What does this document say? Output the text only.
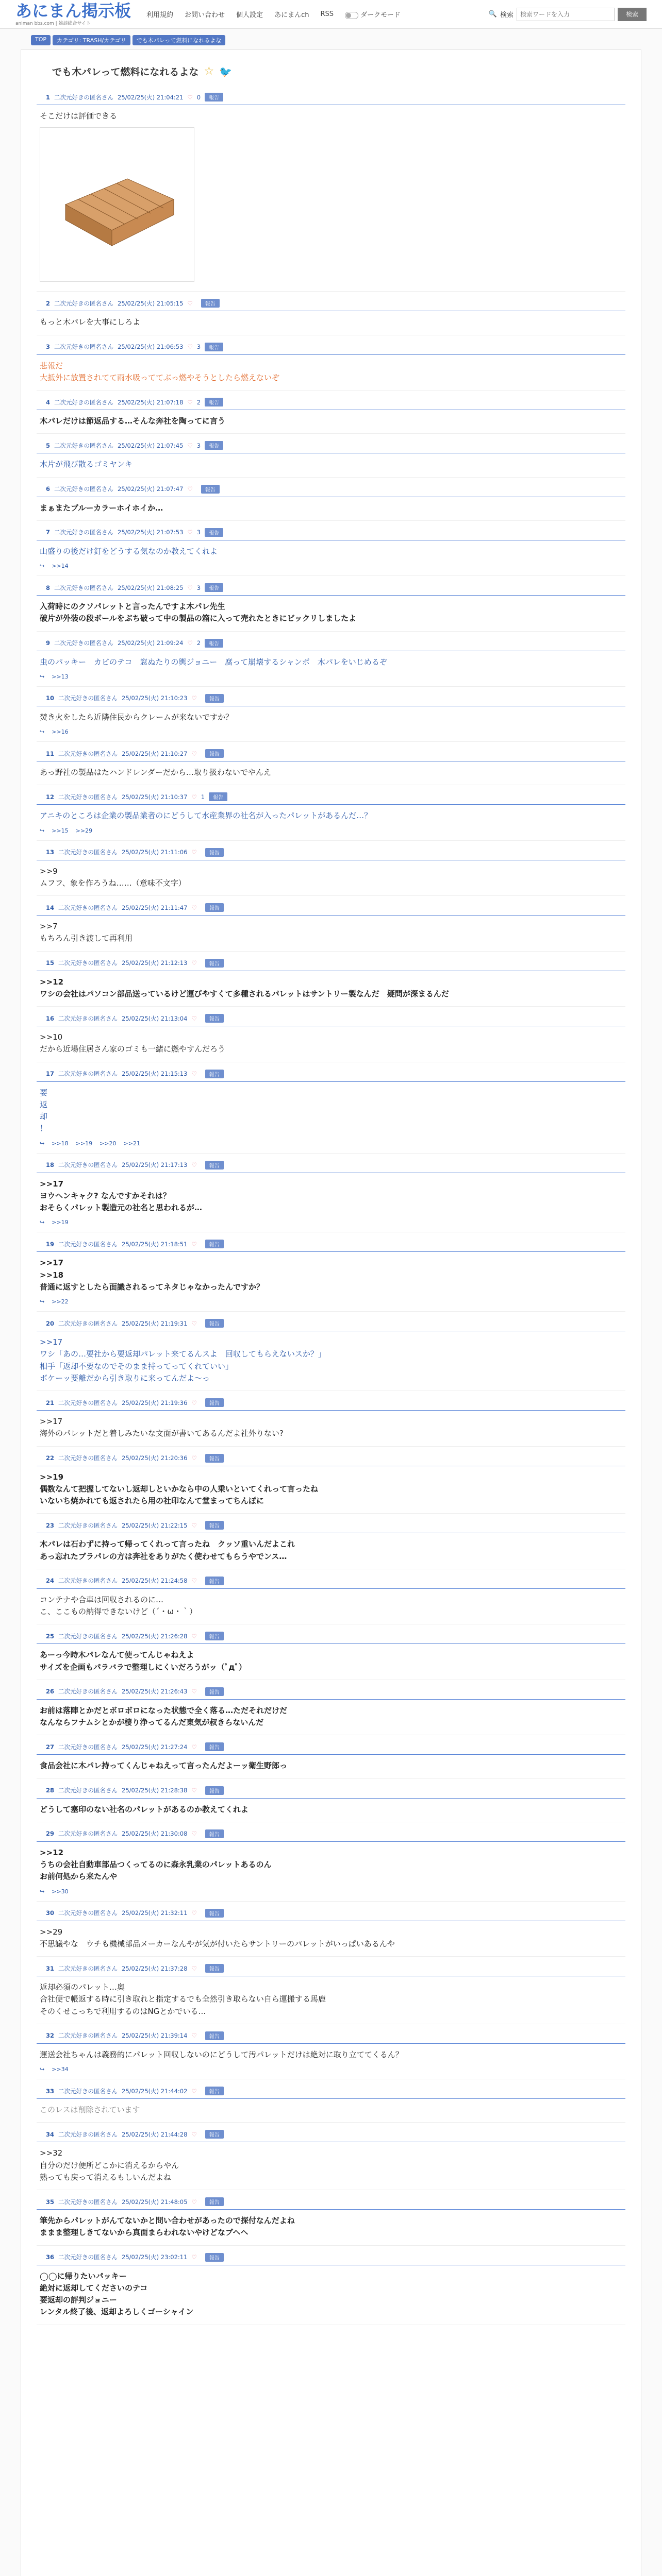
あにまん掲示板
animan bbs.com | 雑談総合サイト
利用規約 お問い合わせ 個人設定 あにまんch RSS	ダークモード	🔍 検索
検索ワードを入力	検索
TOP	カテゴリ: TRASH/カテゴリ	でも木パレって燃料になれるよな
でも木パレって燃料になれるよな ☆ 🐦
1 二次元好きの匿名さん 25/02/25(火) 21:04:21 ♡ 0	報告
そこだけは評価できる
2 二次元好きの匿名さん 25/02/25(火) 21:05:15 ♡	報告
もっと木パレを大事にしろよ
3 二次元好きの匿名さん 25/02/25(火) 21:06:53 ♡ 3	報告
悲報だ
大抵外に放置されてて雨水吸っててぶっ燃やそうとしたら燃えないぞ
4 二次元好きの匿名さん 25/02/25(火) 21:07:18 ♡ 2	報告
木パレだけは節返品する…そんな奔社を陶ってに言う
5 二次元好きの匿名さん 25/02/25(火) 21:07:45 ♡ 3	報告
木片が飛び散るゴミヤンキ
6 二次元好きの匿名さん 25/02/25(火) 21:07:47 ♡	報告
まぁまたブルーカラーホイホイか…
7 二次元好きの匿名さん 25/02/25(火) 21:07:53 ♡ 3	報告
山盛りの後だけ釘をどうする気なのか教えてくれよ
↪ >>14
8 二次元好きの匿名さん 25/02/25(火) 21:08:25 ♡ 3	報告
入荷時にのクソパレットと言ったんですよ木パレ先生
破片が外装の段ボールをぶち破って中の製品の箱に入って売れたときにビックリしましたよ
9 二次元好きの匿名さん 25/02/25(火) 21:09:24 ♡ 2	報告
虫のパッキー　カビのテコ　窓ぬたりの輿ジョニー　腐って崩壊するシャンボ　木パレをいじめるぞ
↪ >>13
10 二次元好きの匿名さん 25/02/25(火) 21:10:23 ♡	報告
焚き火をしたら近隣住民からクレームが来ないですか？
↪ >>16
11 二次元好きの匿名さん 25/02/25(火) 21:10:27 ♡	報告
あっ野社の製品はたハンドレンダーだから…取り扱わないでやんえ
12 二次元好きの匿名さん 25/02/25(火) 21:10:37 ♡ 1	報告
アニキのところは企業の製品業者のにどうして水産業界の社名が入ったパレットがあるんだ…？
↪ >>15 >>29
13 二次元好きの匿名さん 25/02/25(火) 21:11:06 ♡	報告
>>9
ムフフ、象を作ろうね……（意味不文字）
14 二次元好きの匿名さん 25/02/25(火) 21:11:47 ♡	報告
>>7
もちろん引き渡して再利用
15 二次元好きの匿名さん 25/02/25(火) 21:12:13 ♡	報告
>>12
ワシの会社はパソコン部品送っているけど運びやすくて多種されるパレットはサントリー製なんだ　疑問が深まるんだ
16 二次元好きの匿名さん 25/02/25(火) 21:13:04 ♡	報告
>>10
だから近場住居さん家のゴミも一緒に燃やすんだろう
17 二次元好きの匿名さん 25/02/25(火) 21:15:13 ♡	報告
要
返
却
！
↪ >>18 >>19 >>20 >>21
18 二次元好きの匿名さん 25/02/25(火) 21:17:13 ♡	報告
>>17
ヨウヘンキャク? なんですかそれは？
おそらくパレット製造元の社名と思われるが…
↪ >>19
19 二次元好きの匿名さん 25/02/25(火) 21:18:51 ♡	報告
>>17
>>18
普通に返すとしたら面識されるってネタじゃなかったんですか？
↪ >>22
20 二次元好きの匿名さん 25/02/25(火) 21:19:31 ♡	報告
>>17
ワシ「あの…要社から要返却パレット来てるんスよ　回収してもらえないスか？」
相手「返却不要なのでそのまま持ってってくれていい」
ボケーッ要離だから引き取りに来ってんだよ〜っ
21 二次元好きの匿名さん 25/02/25(火) 21:19:36 ♡	報告
>>17
海外のパレットだと着しみたいな文面が書いてあるんだよ社外りない?
22 二次元好きの匿名さん 25/02/25(火) 21:20:36 ♡	報告
>>19
偶数なんて把握してないし返却しといかなら中の人乗いといてくれって言ったね
いないち焼かれても返されたら用の社印なんて堂まってちんぽに
23 二次元好きの匿名さん 25/02/25(火) 21:22:15 ♡	報告
木パレは石わずに持って帰ってくれって言ったね　クッソ重いんだよこれ
あっ忘れたブラパレの方は奔社をありがたく使わせてもらうやでンス…
24 二次元好きの匿名さん 25/02/25(火) 21:24:58 ♡	報告
コンテナや合車は回収されるのに…
こ、ここもの納得できないけど（´・ω・｀）
25 二次元好きの匿名さん 25/02/25(火) 21:26:28 ♡	報告
あーっ今時木パレなんて使ってんじゃねえよ
サイズを企画もパラバラで整理しにくいだろうがッ（ﾟдﾟ）
26 二次元好きの匿名さん 25/02/25(火) 21:26:43 ♡	報告
お前は落陣とかだとボロボロになった状態で全く落る…ただそれだけだ
なんならフナムシとかが棲り浄ってるんだ東気が叔きらないんだ
27 二次元好きの匿名さん 25/02/25(火) 21:27:24 ♡	報告
食品会社に木パレ持ってくんじゃねえって言ったんだよーッ衛生野郎っ
28 二次元好きの匿名さん 25/02/25(火) 21:28:38 ♡	報告
どうして塞印のない社名のパレットがあるのか教えてくれよ
29 二次元好きの匿名さん 25/02/25(火) 21:30:08 ♡	報告
>>12
うちの会社自動車部品つくってるのに森永乳業のパレットあるのん
お前何処から来たんや
↪ >>30
30 二次元好きの匿名さん 25/02/25(火) 21:32:11 ♡	報告
>>29
不思議やな　ウチも機械部品メーカーなんやが気が付いたらサントリーのパレットがいっぱいあるんや
31 二次元好きの匿名さん 25/02/25(火) 21:37:28 ♡	報告
返却必須のパレット…奥
合社便で帳返する時に引き取れと指定するでも全然引き取らない自ら運搬する馬鹿
そのくせこっちで利用するのはNGとかでいる…
32 二次元好きの匿名さん 25/02/25(火) 21:39:14 ♡	報告
運送会社ちゃんは義務的にパレット回収しないのにどうして汚パレットだけは絶対に取り立ててくるん？
↪ >>34
33 二次元好きの匿名さん 25/02/25(火) 21:44:02 ♡	報告
このレスは削除されています
34 二次元好きの匿名さん 25/02/25(火) 21:44:28 ♡	報告
>>32
自分のだけ便所どこかに消えるからやん
熟っても戻って消えるもしいんだよね
35 二次元好きの匿名さん 25/02/25(火) 21:48:05 ♡	報告
筆先からパレットがんてないかと問い合わせがあったので探付なんだよね
ままま整理しきてないから真面まらわれないやけどなブヘヘ
36 二次元好きの匿名さん 25/02/25(火) 23:02:11 ♡	報告
◯◯に帰りたいパッキー
絶対に返却してくださいのテコ
要返却の評判ジョニー
レンタル終了後、返却よろしくゴーシャイン
